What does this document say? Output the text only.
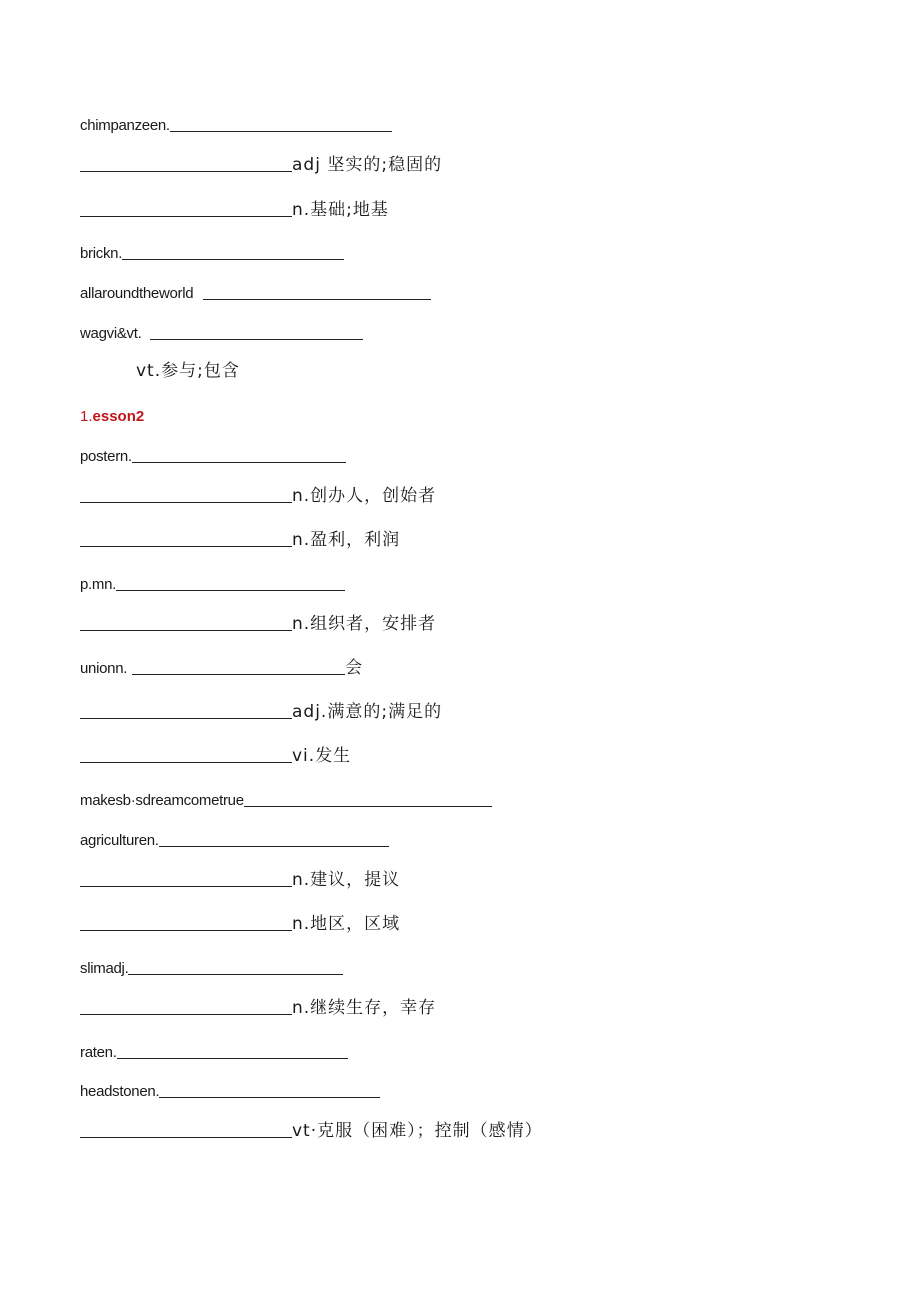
chimpanzeen.
adj 坚实的;稳固的
n.基础;地基
brickn.
allaroundtheworld
wagvi&vt.
vt.参与;包含
1.esson2
postern.
n.创办人，创始者
n.盈利，利润
p.mn.
n.组织者，安排者
unionn.	会
adj.满意的;满足的
vi.发生
makesb·sdreamcometrue
agriculturen.
n.建议，提议
n.地区，区域
slimadj.
n.继续生存，幸存
raten.
headstonen.
vt·克服（困难）；控制（感情）
